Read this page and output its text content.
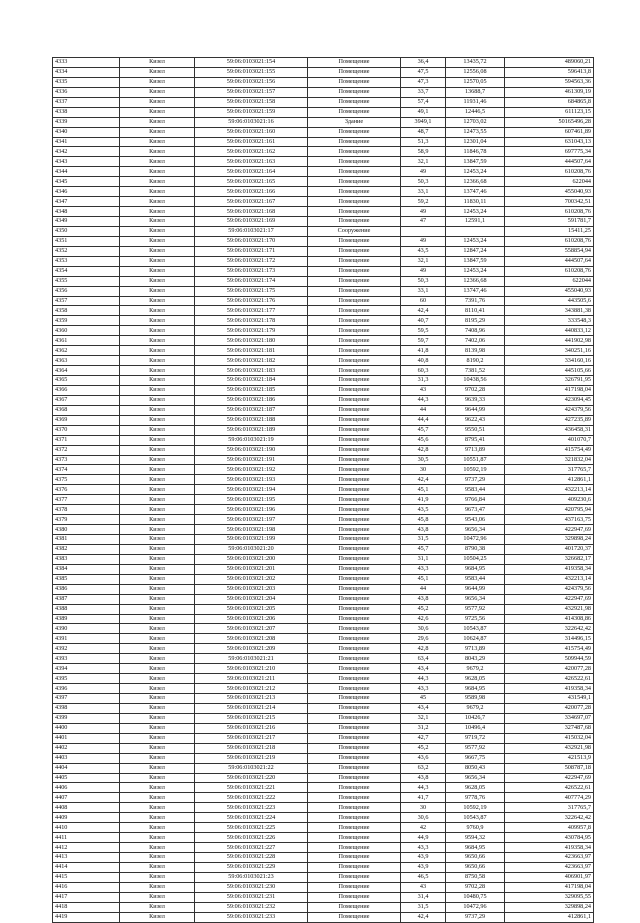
4333	Кизел	59:06:0103021:154	Помещение	36,4	13435,72	489060,21
4334	Кизел	59:06:0103021:155	Помещение	47,5	12556,08	596413,8
4335	Кизел	59:06:0103021:156	Помещение	47,3	12570,05	594563,36
4336	Кизел	59:06:0103021:157	Помещение	33,7	13688,7	461309,19
4337	Кизел	59:06:0103021:158	Помещение	57,4	11931,46	684865,8
4338	Кизел	59:06:0103021:159	Помещение	49,1	12446,5	611123,15
4339	Кизел	59:06:0103021:16	Здание	3949,1	12703,02	50165496,28
4340	Кизел	59:06:0103021:160	Помещение	48,7	12473,55	607461,89
4341	Кизел	59:06:0103021:161	Помещение	51,3	12301,04	631043,13
4342	Кизел	59:06:0103021:162	Помещение	58,9	11846,78	697775,34
4343	Кизел	59:06:0103021:163	Помещение	32,1	13847,59	444507,64
4344	Кизел	59:06:0103021:164	Помещение	49	12453,24	610208,76
4345	Кизел	59:06:0103021:165	Помещение	50,3	12366,68	622044
4346	Кизел	59:06:0103021:166	Помещение	33,1	13747,46	455040,93
4347	Кизел	59:06:0103021:167	Помещение	59,2	11830,11	700342,51
4348	Кизел	59:06:0103021:168	Помещение	49	12453,24	610208,76
4349	Кизел	59:06:0103021:169	Помещение	47	12591,1	591781,7
4350	Кизел	59:06:0103021:17	Сооружение			15411,25
4351	Кизел	59:06:0103021:170	Помещение	49	12453,24	610208,76
4352	Кизел	59:06:0103021:171	Помещение	43,5	12847,24	558854,94
4353	Кизел	59:06:0103021:172	Помещение	32,1	13847,59	444507,64
4354	Кизел	59:06:0103021:173	Помещение	49	12453,24	610208,76
4355	Кизел	59:06:0103021:174	Помещение	50,3	12366,68	622044
4356	Кизел	59:06:0103021:175	Помещение	33,1	13747,46	455040,93
4357	Кизел	59:06:0103021:176	Помещение	60	7391,76	443505,6
4358	Кизел	59:06:0103021:177	Помещение	42,4	8110,41	343881,38
4359	Кизел	59:06:0103021:178	Помещение	40,7	8195,29	333548,3
4360	Кизел	59:06:0103021:179	Помещение	59,5	7408,96	440833,12
4361	Кизел	59:06:0103021:180	Помещение	59,7	7402,06	441902,98
4362	Кизел	59:06:0103021:181	Помещение	41,8	8139,98	340251,16
4363	Кизел	59:06:0103021:182	Помещение	40,8	8190,2	334160,16
4364	Кизел	59:06:0103021:183	Помещение	60,3	7381,52	445105,66
4365	Кизел	59:06:0103021:184	Помещение	31,3	10438,56	326791,95
4366	Кизел	59:06:0103021:185	Помещение	43	9702,28	417198,04
4367	Кизел	59:06:0103021:186	Помещение	44,3	9639,33	423094,45
4368	Кизел	59:06:0103021:187	Помещение	44	9644,99	424379,56
4369	Кизел	59:06:0103021:188	Помещение	44,4	9622,43	427235,89
4370	Кизел	59:06:0103021:189	Помещение	45,7	9550,51	436458,31
4371	Кизел	59:06:0103021:19	Помещение	45,6	8795,41	401070,7
4372	Кизел	59:06:0103021:190	Помещение	42,8	9713,89	415754,49
4373	Кизел	59:06:0103021:191	Помещение	30,5	10551,87	321832,04
4374	Кизел	59:06:0103021:192	Помещение	30	10592,19	317765,7
4375	Кизел	59:06:0103021:193	Помещение	42,4	9737,29	412861,1
4376	Кизел	59:06:0103021:194	Помещение	45,1	9583,44	432213,14
4377	Кизел	59:06:0103021:195	Помещение	41,9	9766,84	409230,6
4378	Кизел	59:06:0103021:196	Помещение	43,5	9673,47	420795,94
4379	Кизел	59:06:0103021:197	Помещение	45,8	9543,06	437163,75
4380	Кизел	59:06:0103021:198	Помещение	43,8	9656,34	422947,69
4381	Кизел	59:06:0103021:199	Помещение	31,5	10472,96	329898,24
4382	Кизел	59:06:0103021:20	Помещение	45,7	8790,38	401720,37
4383	Кизел	59:06:0103021:200	Помещение	31,1	10504,25	326682,17
4384	Кизел	59:06:0103021:201	Помещение	43,3	9684,95	419358,34
4385	Кизел	59:06:0103021:202	Помещение	45,1	9583,44	432213,14
4386	Кизел	59:06:0103021:203	Помещение	44	9644,99	424379,56
4387	Кизел	59:06:0103021:204	Помещение	43,8	9656,34	422947,69
4388	Кизел	59:06:0103021:205	Помещение	45,2	9577,92	432921,98
4389	Кизел	59:06:0103021:206	Помещение	42,6	9725,56	414308,86
4390	Кизел	59:06:0103021:207	Помещение	30,6	10543,87	322642,42
4391	Кизел	59:06:0103021:208	Помещение	29,6	10624,87	314496,15
4392	Кизел	59:06:0103021:209	Помещение	42,8	9713,89	415754,49
4393	Кизел	59:06:0103021:21	Помещение	63,4	8043,29	509944,59
4394	Кизел	59:06:0103021:210	Помещение	43,4	9679,2	420077,28
4395	Кизел	59:06:0103021:211	Помещение	44,3	9628,05	426522,61
4396	Кизел	59:06:0103021:212	Помещение	43,3	9684,95	419358,34
4397	Кизел	59:06:0103021:213	Помещение	45	9589,98	431549,1
4398	Кизел	59:06:0103021:214	Помещение	43,4	9679,2	420077,28
4399	Кизел	59:06:0103021:215	Помещение	32,1	10426,7	334697,07
4400	Кизел	59:06:0103021:216	Помещение	31,2	10496,4	327487,68
4401	Кизел	59:06:0103021:217	Помещение	42,7	9719,72	415032,04
4402	Кизел	59:06:0103021:218	Помещение	45,2	9577,92	432921,98
4403	Кизел	59:06:0103021:219	Помещение	43,6	9667,75	421513,9
4404	Кизел	59:06:0103021:22	Помещение	63,2	8050,43	508787,18
4405	Кизел	59:06:0103021:220	Помещение	43,8	9656,34	422947,69
4406	Кизел	59:06:0103021:221	Помещение	44,3	9628,05	426522,61
4407	Кизел	59:06:0103021:222	Помещение	41,7	9778,76	407774,29
4408	Кизел	59:06:0103021:223	Помещение	30	10592,19	317765,7
4409	Кизел	59:06:0103021:224	Помещение	30,6	10543,87	322642,42
4410	Кизел	59:06:0103021:225	Помещение	42	9760,9	409957,8
4411	Кизел	59:06:0103021:226	Помещение	44,9	9594,32	430784,95
4412	Кизел	59:06:0103021:227	Помещение	43,3	9684,95	419358,34
4413	Кизел	59:06:0103021:228	Помещение	43,9	9650,66	423663,97
4414	Кизел	59:06:0103021:229	Помещение	43,9	9650,66	423663,97
4415	Кизел	59:06:0103021:23	Помещение	46,5	8750,58	406901,97
4416	Кизел	59:06:0103021:230	Помещение	43	9702,28	417198,04
4417	Кизел	59:06:0103021:231	Помещение	31,4	10480,75	329095,55
4418	Кизел	59:06:0103021:232	Помещение	31,5	10472,96	329898,24
4419	Кизел	59:06:0103021:233	Помещение	42,4	9737,29	412861,1
